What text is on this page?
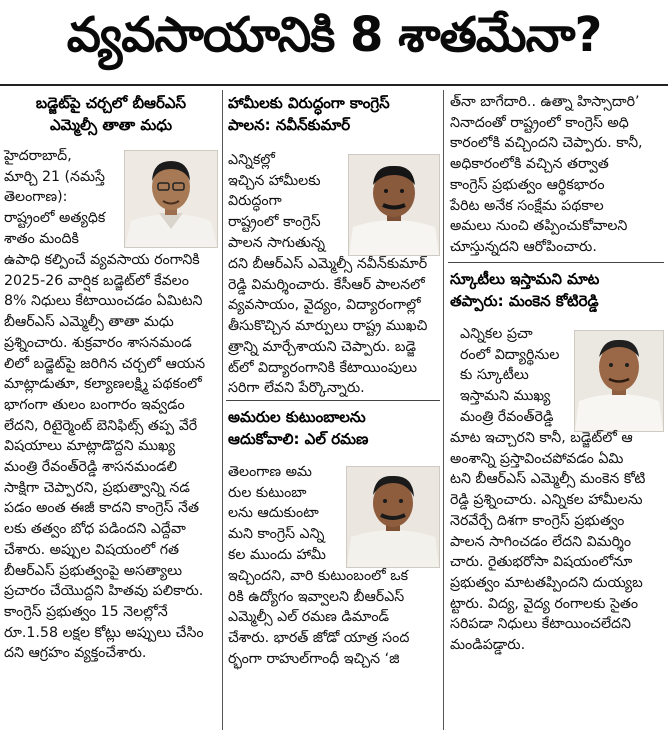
వ్యవసాయానికి 8 శాతమేనా?
బడ్జెట్‌పై చర్చలో బీఆర్‌ఎస్‌
ఎమ్మెల్సీ తాతా మధు
హైదరాబాద్‌,
మార్చి 21 (నమస్తే
తెలంగాణ):
రాష్ట్రంలో అత్యధిక
శాతం మందికి
ఉపాధి కల్పించే వ్యవసాయ రంగానికి
2025-26 వార్షిక బడ్జెట్‌లో కేవలం
8% నిధులు కేటాయించడం ఏమిటని
బీఆర్‌ఎస్‌ ఎమ్మెల్సీ తాతా మధు
ప్రశ్నించారు. శుక్రవారం శాసనమండ
లిలో బడ్జెట్‌పై జరిగిన చర్చలో ఆయన
మాట్లాడుతూ, కల్యాణలక్ష్మి పథకంలో
భాగంగా తులం బంగారం ఇవ్వడం
లేదని, రిటైర్మెంట్‌ బెనిఫిట్స్‌ తప్ప వేరే
విషయాలు మాట్లాడొద్దని ముఖ్య
మంత్రి రేవంత్‌రెడ్డి శాసనమండలి
సాక్షిగా చెప్పారని, ప్రభుత్వాన్ని నడ
పడం అంత ఈజీ కాదని కాంగ్రెస్‌ నేత
లకు తత్వం బోధ పడిందని ఎద్దేవా
చేశారు. అప్పుల విషయంలో గత
బీఆర్‌ఎస్‌ ప్రభుత్వంపై అసత్యాలు
ప్రచారం చేయొద్దని హితవు పలికారు.
కాంగ్రెస్‌ ప్రభుత్వం 15 నెలల్లోనే
రూ.1.58 లక్షల కోట్లు అప్పులు చేసిం
దని ఆగ్రహం వ్యక్తంచేశారు.
హామీలకు విరుద్ధంగా కాంగ్రెస్‌
పాలన: నవీన్‌కుమార్‌
ఎన్నికల్లో
ఇచ్చిన హామీలకు
విరుద్ధంగా
రాష్ట్రంలో కాంగ్రెస్‌
పాలన సాగుతున్న
దని బీఆర్‌ఎస్‌ ఎమ్మెల్సీ నవీన్‌కుమార్‌
రెడ్డి విమర్శించారు. కేసీఆర్‌ పాలనలో
వ్యవసాయం, వైద్యం, విద్యారంగాల్లో
తీసుకొచ్చిన మార్పులు రాష్ట్ర ముఖచి
త్రాన్ని మార్చేశాయని చెప్పారు. బడ్జె
ట్‌లో విద్యారంగానికి కేటాయింపులు
సరిగా లేవని పేర్కొన్నారు.
అమరుల కుటుంబాలను
ఆదుకోవాలి: ఎల్‌ రమణ
తెలంగాణ అమ
రుల కుటుంబా
లను ఆదుకుంటా
మని కాంగ్రెస్‌ ఎన్ని
కల ముందు హామీ
ఇచ్చిందని, వారి కుటుంబంలో ఒక
రికి ఉద్యోగం ఇవ్వాలని బీఆర్‌ఎస్‌
ఎమ్మెల్సీ ఎల్‌ రమణ డిమాండ్‌
చేశారు. భారత్‌ జోడో యాత్ర సంద
ర్భంగా రాహుల్‌గాంధీ ఇచ్చిన ‘జి
త్‌నా బాగేదారి.. ఉత్నా హిస్సాదారి’
నినాదంతో రాష్ట్రంలో కాంగ్రెస్‌ అధి
కారంలోకి వచ్చిందని చెప్పారు. కానీ,
అధికారంలోకి వచ్చిన తర్వాత
కాంగ్రెస్‌ ప్రభుత్వం ఆర్థికభారం
పేరిట అనేక సంక్షేమ పథకాల
అమలు నుంచి తప్పించుకోవాలని
చూస్తున్నదని ఆరోపించారు.
స్కూటీలు ఇస్తామని మాట
తప్పారు: మంకెన కోటిరెడ్డి
ఎన్నికల ప్రచా
రంలో విద్యార్థినుల
కు స్కూటీలు
ఇస్తామని ముఖ్య
మంత్రి రేవంత్‌రెడ్డి
మాట ఇచ్చారని కానీ, బడ్జెట్‌లో ఆ
అంశాన్ని ప్రస్తావించపోవడం ఏమి
టని బీఆర్‌ఎస్‌ ఎమ్మెల్సీ మంకెన కోటి
రెడ్డి ప్రశ్నించారు. ఎన్నికల హామీలను
నెరవేర్చే దిశగా కాంగ్రెస్‌ ప్రభుత్వం
పాలన సాగించడం లేదని విమర్శిం
చారు. రైతుభరోసా విషయంలోనూ
ప్రభుత్వం మాటతప్పిందని దుయ్యబ
ట్టారు. విద్య, వైద్య రంగాలకు సైతం
సరిపడా నిధులు కేటాయించలేదని
మండిపడ్డారు.
